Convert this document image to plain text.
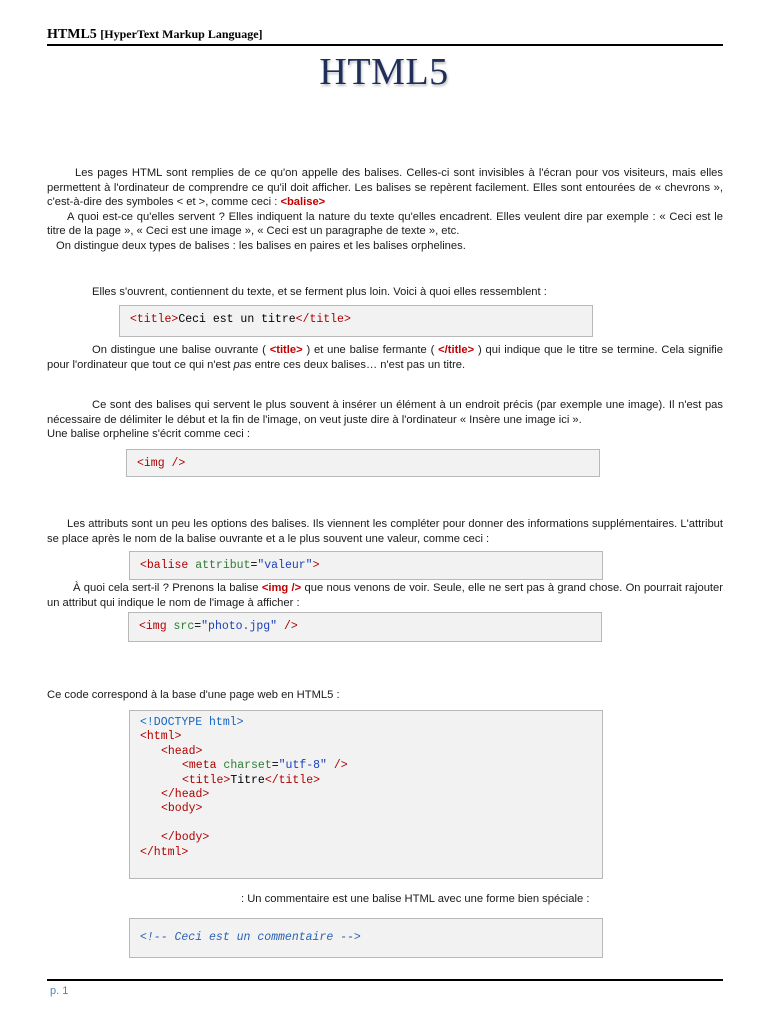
HTML5 [HyperText Markup Language]
HTML5
Les pages HTML sont remplies de ce qu'on appelle des balises. Celles-ci sont invisibles à l'écran pour vos visiteurs, mais elles permettent à l'ordinateur de comprendre ce qu'il doit afficher. Les balises se repèrent facilement. Elles sont entourées de « chevrons », c'est-à-dire des symboles < et >, comme ceci : <balise>
A quoi est-ce qu'elles servent ? Elles indiquent la nature du texte qu'elles encadrent. Elles veulent dire par exemple : « Ceci est le titre de la page », « Ceci est une image », « Ceci est un paragraphe de texte », etc.
On distingue deux types de balises : les balises en paires et les balises orphelines.
Elles s'ouvrent, contiennent du texte, et se ferment plus loin. Voici à quoi elles ressemblent :
<title>Ceci est un titre</title>
On distingue une balise ouvrante ( <title> ) et une balise fermante ( </title> ) qui indique que le titre se termine. Cela signifie pour l'ordinateur que tout ce qui n'est pas entre ces deux balises… n'est pas un titre.
Ce sont des balises qui servent le plus souvent à insérer un élément à un endroit précis (par exemple une image). Il n'est pas nécessaire de délimiter le début et la fin de l'image, on veut juste dire à l'ordinateur « Insère une image ici ».
Une balise orpheline s'écrit comme ceci :
<img />
Les attributs sont un peu les options des balises. Ils viennent les compléter pour donner des informations supplémentaires. L'attribut se place après le nom de la balise ouvrante et a le plus souvent une valeur, comme ceci :
<balise attribut="valeur">
À quoi cela sert-il ? Prenons la balise <img /> que nous venons de voir. Seule, elle ne sert pas à grand chose. On pourrait rajouter un attribut qui indique le nom de l'image à afficher :
<img src="photo.jpg" />
Ce code correspond à la base d'une page web en HTML5 :
<!DOCTYPE html>
<html>
<head>
<meta charset="utf-8" />
<title>Titre</title>
</head>
<body>

</body>
</html>
: Un commentaire est une balise HTML avec une forme bien spéciale :
<!-- Ceci est un commentaire -->
p. 1
